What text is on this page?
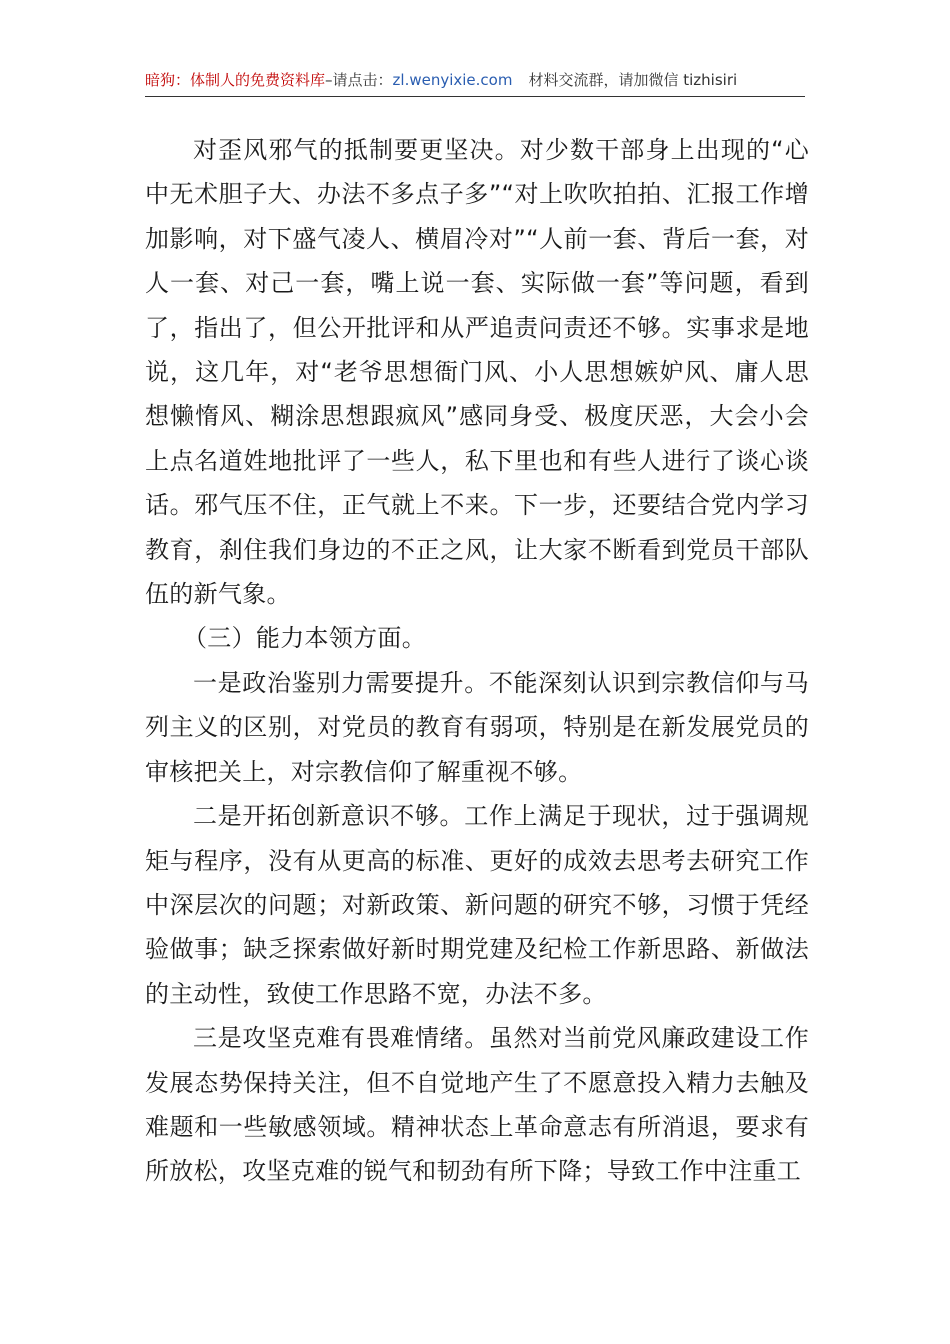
暗狗：体制人的免费资料库–请点击：zl.wenyixie.com 材料交流群，请加微信 tizhisiri

对歪风邪气的抵制要更坚决。对少数干部身上出现的“心中无术胆子大、办法不多点子多”“对上吹吹拍拍、汇报工作增加影响，对下盛气凌人、横眉冷对”“人前一套、背后一套，对人一套、对己一套，嘴上说一套、实际做一套”等问题，看到了，指出了，但公开批评和从严追责问责还不够。实事求是地说，这几年，对“老爷思想衙门风、小人思想嫉妒风、庸人思想懒惰风、糊涂思想跟疯风”感同身受、极度厌恶，大会小会上点名道姓地批评了一些人，私下里也和有些人进行了谈心谈话。邪气压不住，正气就上不来。下一步，还要结合党内学习教育，刹住我们身边的不正之风，让大家不断看到党员干部队伍的新气象。

（三）能力本领方面。

一是政治鉴别力需要提升。不能深刻认识到宗教信仰与马列主义的区别，对党员的教育有弱项，特别是在新发展党员的审核把关上，对宗教信仰了解重视不够。

二是开拓创新意识不够。工作上满足于现状，过于强调规矩与程序，没有从更高的标准、更好的成效去思考去研究工作中深层次的问题；对新政策、新问题的研究不够，习惯于凭经验做事；缺乏探索做好新时期党建及纪检工作新思路、新做法的主动性，致使工作思路不宽，办法不多。

三是攻坚克难有畏难情绪。虽然对当前党风廉政建设工作发展态势保持关注，但不自觉地产生了不愿意投入精力去触及难题和一些敏感领域。精神状态上革命意志有所消退，要求有所放松，攻坚克难的锐气和韧劲有所下降；导致工作中注重工
